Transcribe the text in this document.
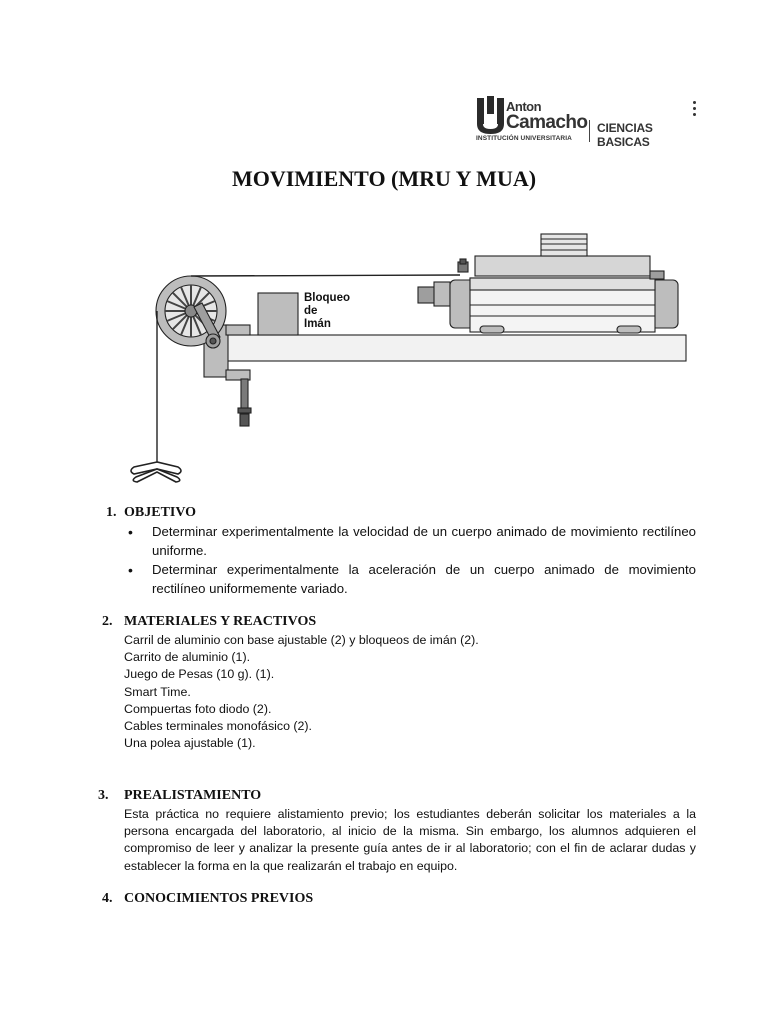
Anton
Camacho
INSTITUCIÓN UNIVERSITARIA
CIENCIAS BASICAS
MOVIMIENTO (MRU Y MUA)
Bloqueo de Imán
1. OBJETIVO
• Determinar experimentalmente la velocidad de un cuerpo animado de movimiento rectilíneo uniforme.
• Determinar experimentalmente la aceleración de un cuerpo animado de movimiento rectilíneo uniformemente variado.
2. MATERIALES Y REACTIVOS
Carril de aluminio con base ajustable (2) y bloqueos de imán (2).
Carrito de aluminio (1).
Juego de Pesas (10 g). (1).
Smart Time.
Compuertas foto diodo (2).
Cables terminales monofásico (2).
Una polea ajustable (1).
3. PREALISTAMIENTO

Esta práctica no requiere alistamiento previo; los estudiantes deberán solicitar los materiales a la persona encargada del laboratorio, al inicio de la misma. Sin embargo, los alumnos adquieren el compromiso de leer y analizar la presente guía antes de ir al laboratorio; con el fin de aclarar dudas y establecer la forma en la que realizarán el trabajo en equipo.

4. CONOCIMIENTOS PREVIOS
